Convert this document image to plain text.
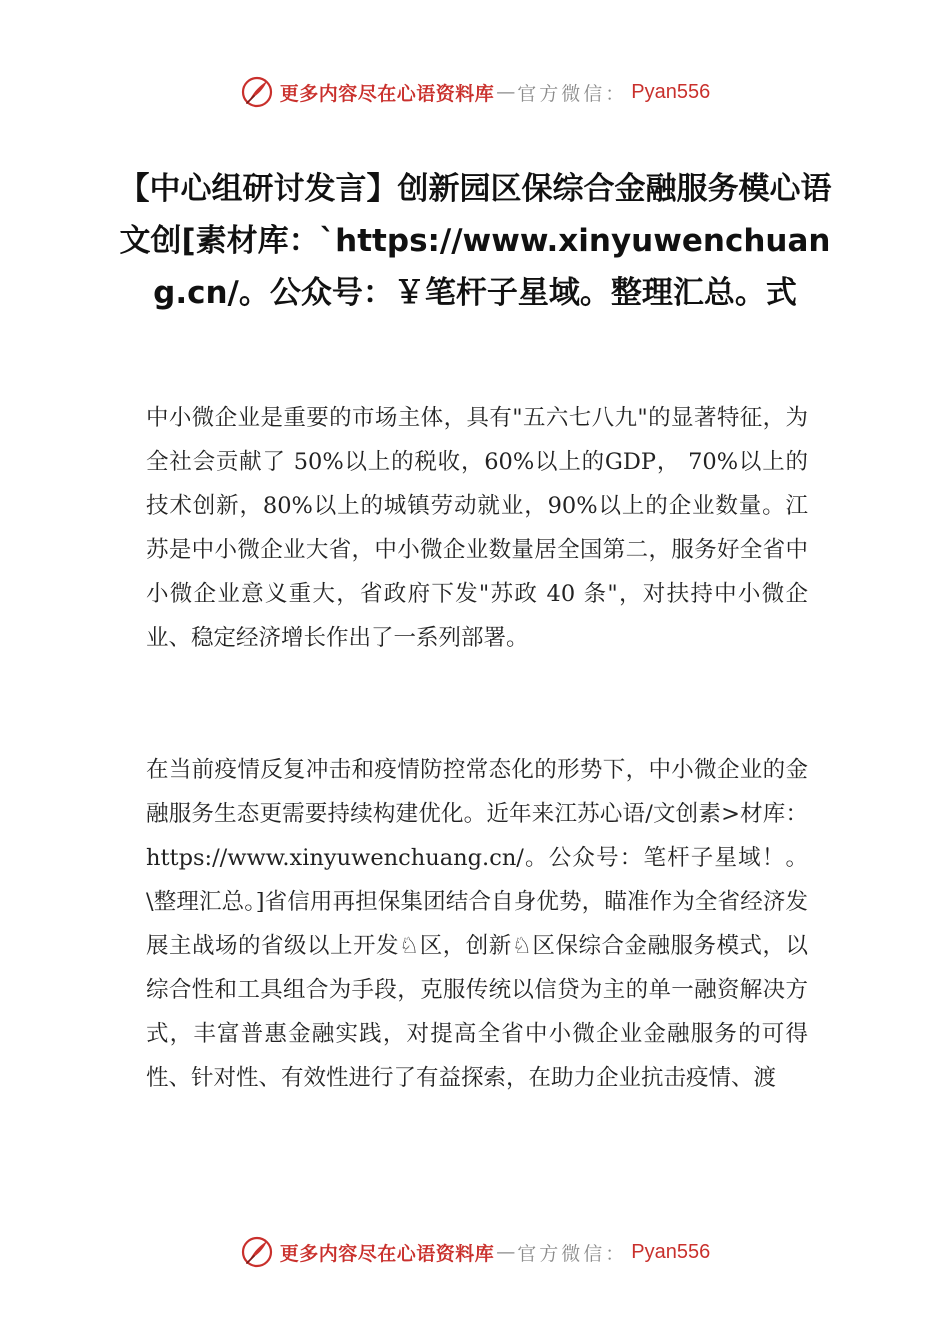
更多内容尽在心语资料库 — 官方微信： Pyan556
【中心组研讨发言】创新园区保综合金融服务模心语文创[素材库：`https://www.xinyuwenchuang.cn/。公众号：￥笔杆子星域。整理汇总。式

中小微企业是重要的市场主体，具有"五六七八九"的显著特征，为全社会贡献了 50%以上的税收，60%以上的GDP， 70%以上的技术创新，80%以上的城镇劳动就业，90%以上的企业数量。江苏是中小微企业大省，中小微企业数量居全国第二，服务好全省中小微企业意义重大，省政府下发"苏政 40 条"，对扶持中小微企业、稳定经济增长作出了一系列部署。

在当前疫情反复冲击和疫情防控常态化的形势下，中小微企业的金融服务生态更需要持续构建优化。近年来江苏心语/文创素>材库：https://www.xinyuwenchuang.cn/。公众号：笔杆子星域！。\整理汇总。]省信用再担保集团结合自身优势，瞄准作为全省经济发展主战场的省级以上开发♘区，创新♘区保综合金融服务模式，以综合性和工具组合为手段，克服传统以信贷为主的单一融资解决方式，丰富普惠金融实践，对提高全省中小微企业金融服务的可得性、针对性、有效性进行了有益探索，在助力企业抗击疫情、渡

更多内容尽在心语资料库 — 官方微信： Pyan556
